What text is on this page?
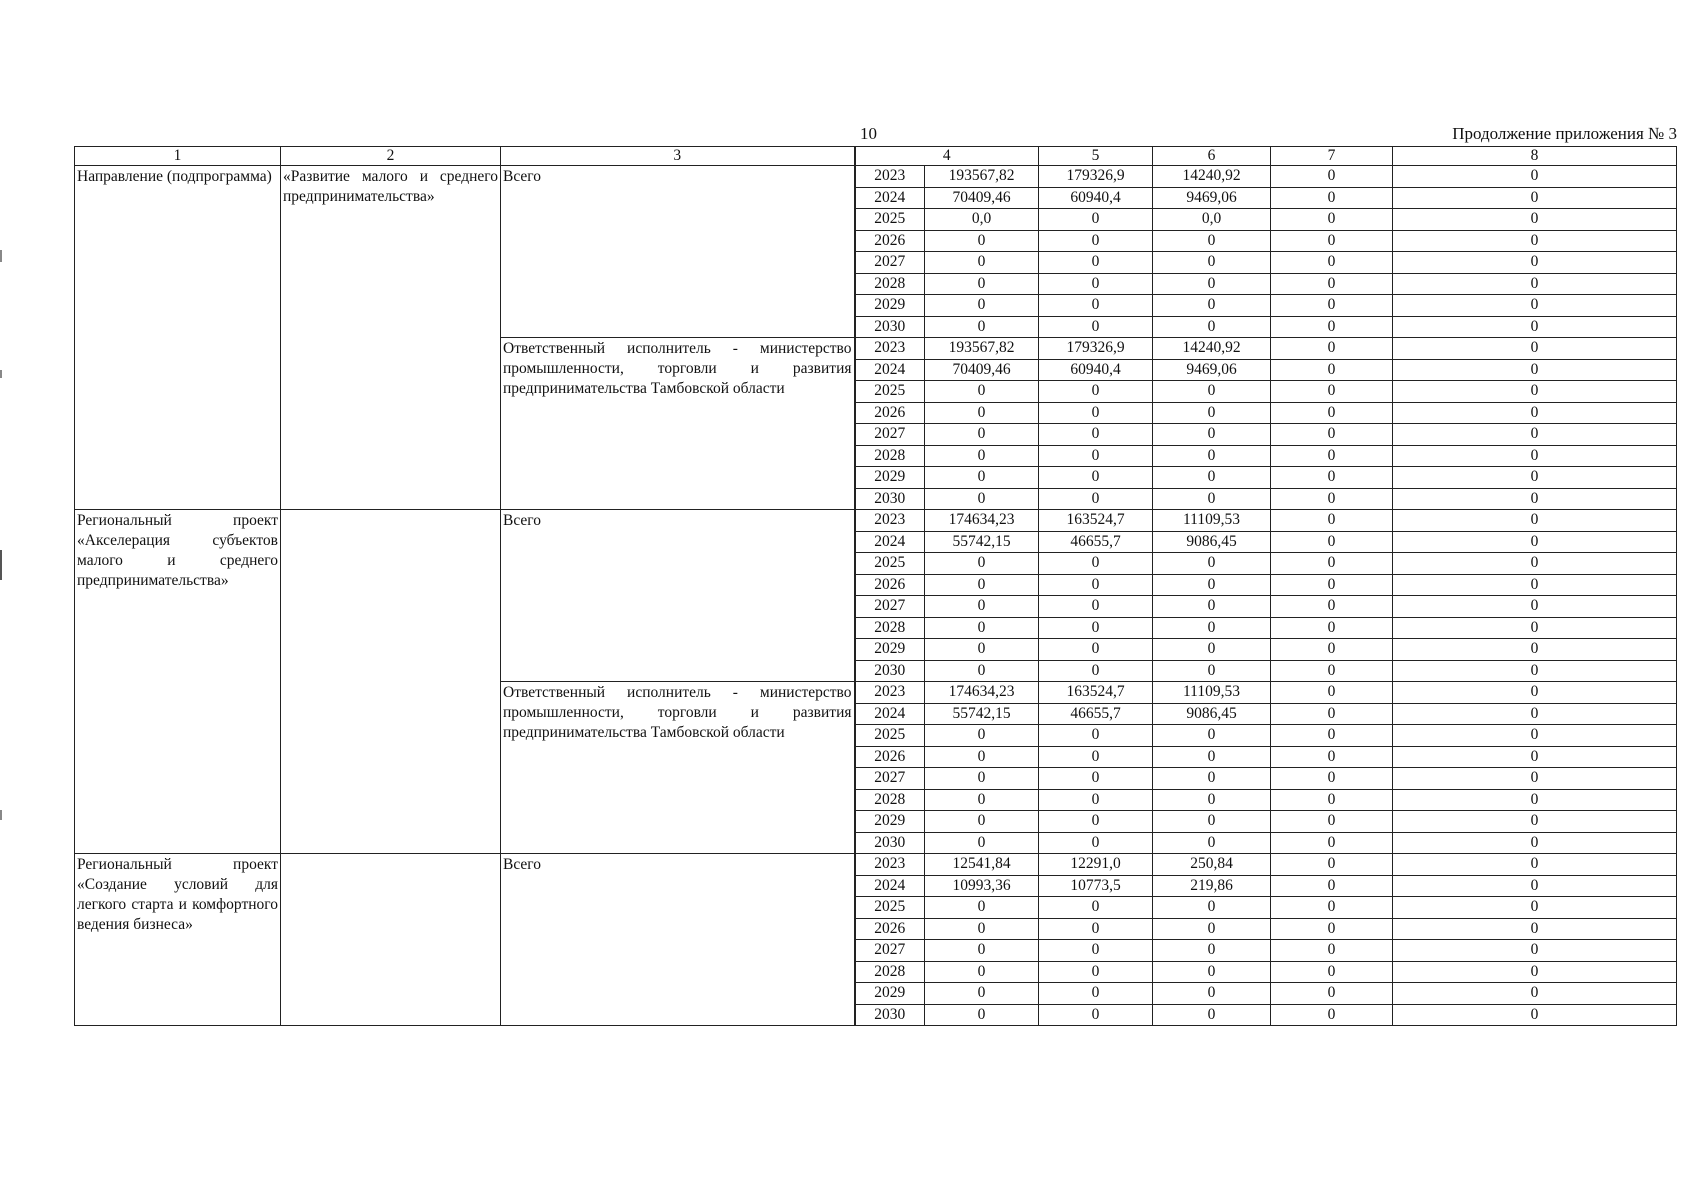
10	Продолжение приложения № 3
1	2	3	4		5	6	7	8
Направление (подпрограмма)	«Развитие малого и среднего предпринимательства»	Всего	2023	193567,82	179326,9	14240,92	0	0
			2024	70409,46	60940,4	9469,06	0	0
			2025	0,0	0	0,0	0	0
			2026	0	0	0	0	0
			2027	0	0	0	0	0
			2028	0	0	0	0	0
			2029	0	0	0	0	0
			2030	0	0	0	0	0
		Ответственный исполнитель - министерство промышленности, торговли и развития предпринимательства Тамбовской области	2023	193567,82	179326,9	14240,92	0	0
			2024	70409,46	60940,4	9469,06	0	0
			2025	0	0	0	0	0
			2026	0	0	0	0	0
			2027	0	0	0	0	0
			2028	0	0	0	0	0
			2029	0	0	0	0	0
			2030	0	0	0	0	0
Региональный проект «Акселерация субъектов малого и среднего предпринимательства»		Всего	2023	174634,23	163524,7	11109,53	0	0
			2024	55742,15	46655,7	9086,45	0	0
			2025	0	0	0	0	0
			2026	0	0	0	0	0
			2027	0	0	0	0	0
			2028	0	0	0	0	0
			2029	0	0	0	0	0
			2030	0	0	0	0	0
		Ответственный исполнитель - министерство промышленности, торговли и развития предпринимательства Тамбовской области	2023	174634,23	163524,7	11109,53	0	0
			2024	55742,15	46655,7	9086,45	0	0
			2025	0	0	0	0	0
			2026	0	0	0	0	0
			2027	0	0	0	0	0
			2028	0	0	0	0	0
			2029	0	0	0	0	0
			2030	0	0	0	0	0
Региональный проект «Создание условий для легкого старта и комфортного ведения бизнеса»		Всего	2023	12541,84	12291,0	250,84	0	0
			2024	10993,36	10773,5	219,86	0	0
			2025	0	0	0	0	0
			2026	0	0	0	0	0
			2027	0	0	0	0	0
			2028	0	0	0	0	0
			2029	0	0	0	0	0
			2030	0	0	0	0	0
